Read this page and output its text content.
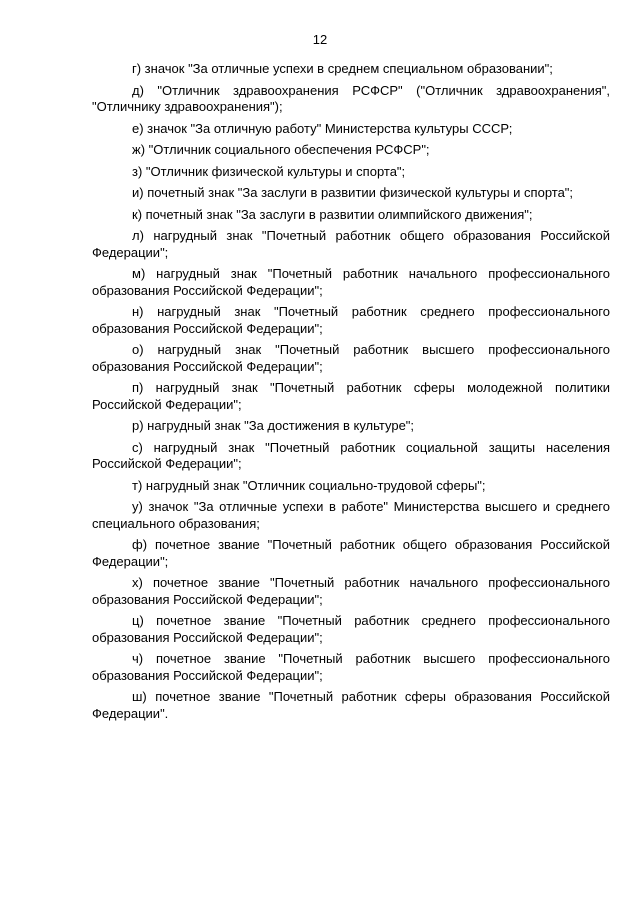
12

г) значок "За отличные успехи в среднем специальном образовании";

д) "Отличник здравоохранения РСФСР" ("Отличник здравоохранения", "Отличнику здравоохранения");

е) значок "За отличную работу" Министерства культуры СССР;

ж) "Отличник социального обеспечения РСФСР";

з) "Отличник физической культуры и спорта";

и) почетный знак "За заслуги в развитии физической культуры и спорта";

к) почетный знак "За заслуги в развитии олимпийского движения";

л) нагрудный знак "Почетный работник общего образования Российской Федерации";

м) нагрудный знак "Почетный работник начального профессионального образования Российской Федерации";

н) нагрудный знак "Почетный работник среднего профессионального образования Российской Федерации";

о) нагрудный знак "Почетный работник высшего профессионального образования Российской Федерации";

п) нагрудный знак "Почетный работник сферы молодежной политики Российской Федерации";

р) нагрудный знак "За достижения в культуре";

с) нагрудный знак "Почетный работник социальной защиты населения Российской Федерации";

т) нагрудный знак "Отличник социально-трудовой сферы";

у) значок "За отличные успехи в работе" Министерства высшего и среднего специального образования;

ф) почетное звание "Почетный работник общего образования Российской Федерации";

х) почетное звание "Почетный работник начального профессионального образования Российской Федерации";

ц) почетное звание "Почетный работник среднего профессионального образования Российской Федерации";

ч) почетное звание "Почетный работник высшего профессионального образования Российской Федерации";

ш) почетное звание "Почетный работник сферы образования Российской Федерации".
